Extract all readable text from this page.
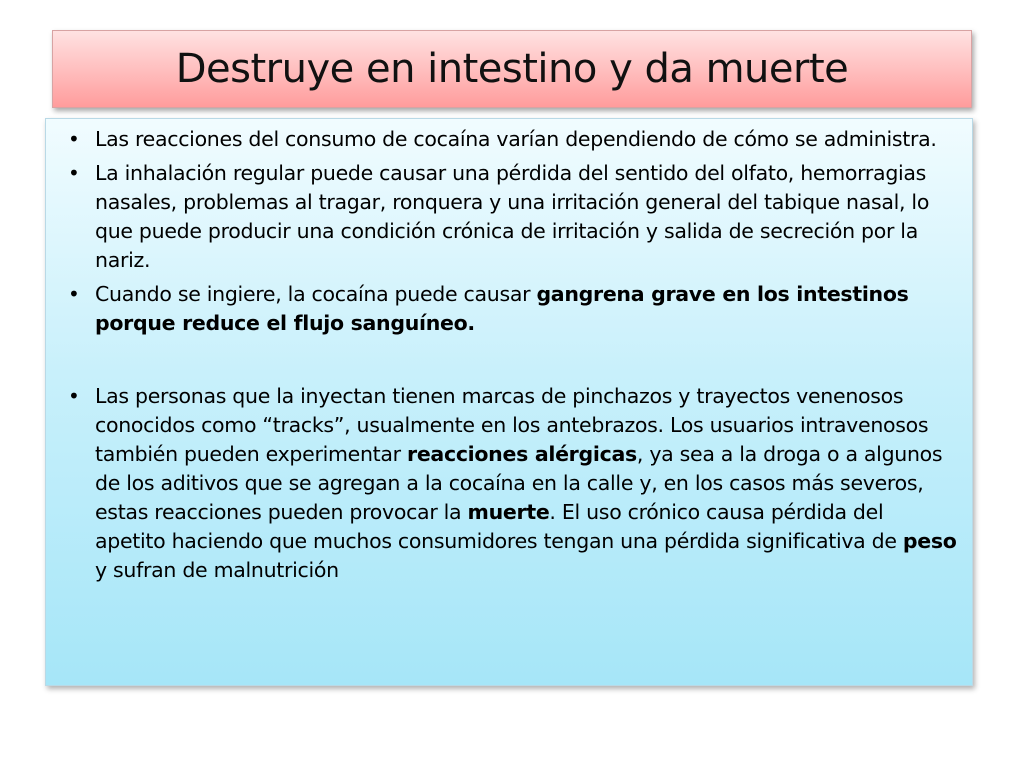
Destruye en intestino y da muerte
• Las reacciones del consumo de cocaína varían dependiendo de cómo se administra.
• La inhalación regular puede causar una pérdida del sentido del olfato, hemorragias nasales, problemas al tragar, ronquera y una irritación general del tabique nasal, lo que puede producir una condición crónica de irritación y salida de secreción por la nariz.
• Cuando se ingiere, la cocaína puede causar gangrena grave en los intestinos porque reduce el flujo sanguíneo.
• Las personas que la inyectan tienen marcas de pinchazos y trayectos venenosos conocidos como “tracks”, usualmente en los antebrazos. Los usuarios intravenosos también pueden experimentar reacciones alérgicas, ya sea a la droga o a algunos de los aditivos que se agregan a la cocaína en la calle y, en los casos más severos, estas reacciones pueden provocar la muerte. El uso crónico causa pérdida del apetito haciendo que muchos consumidores tengan una pérdida significativa de peso y sufran de malnutrición
